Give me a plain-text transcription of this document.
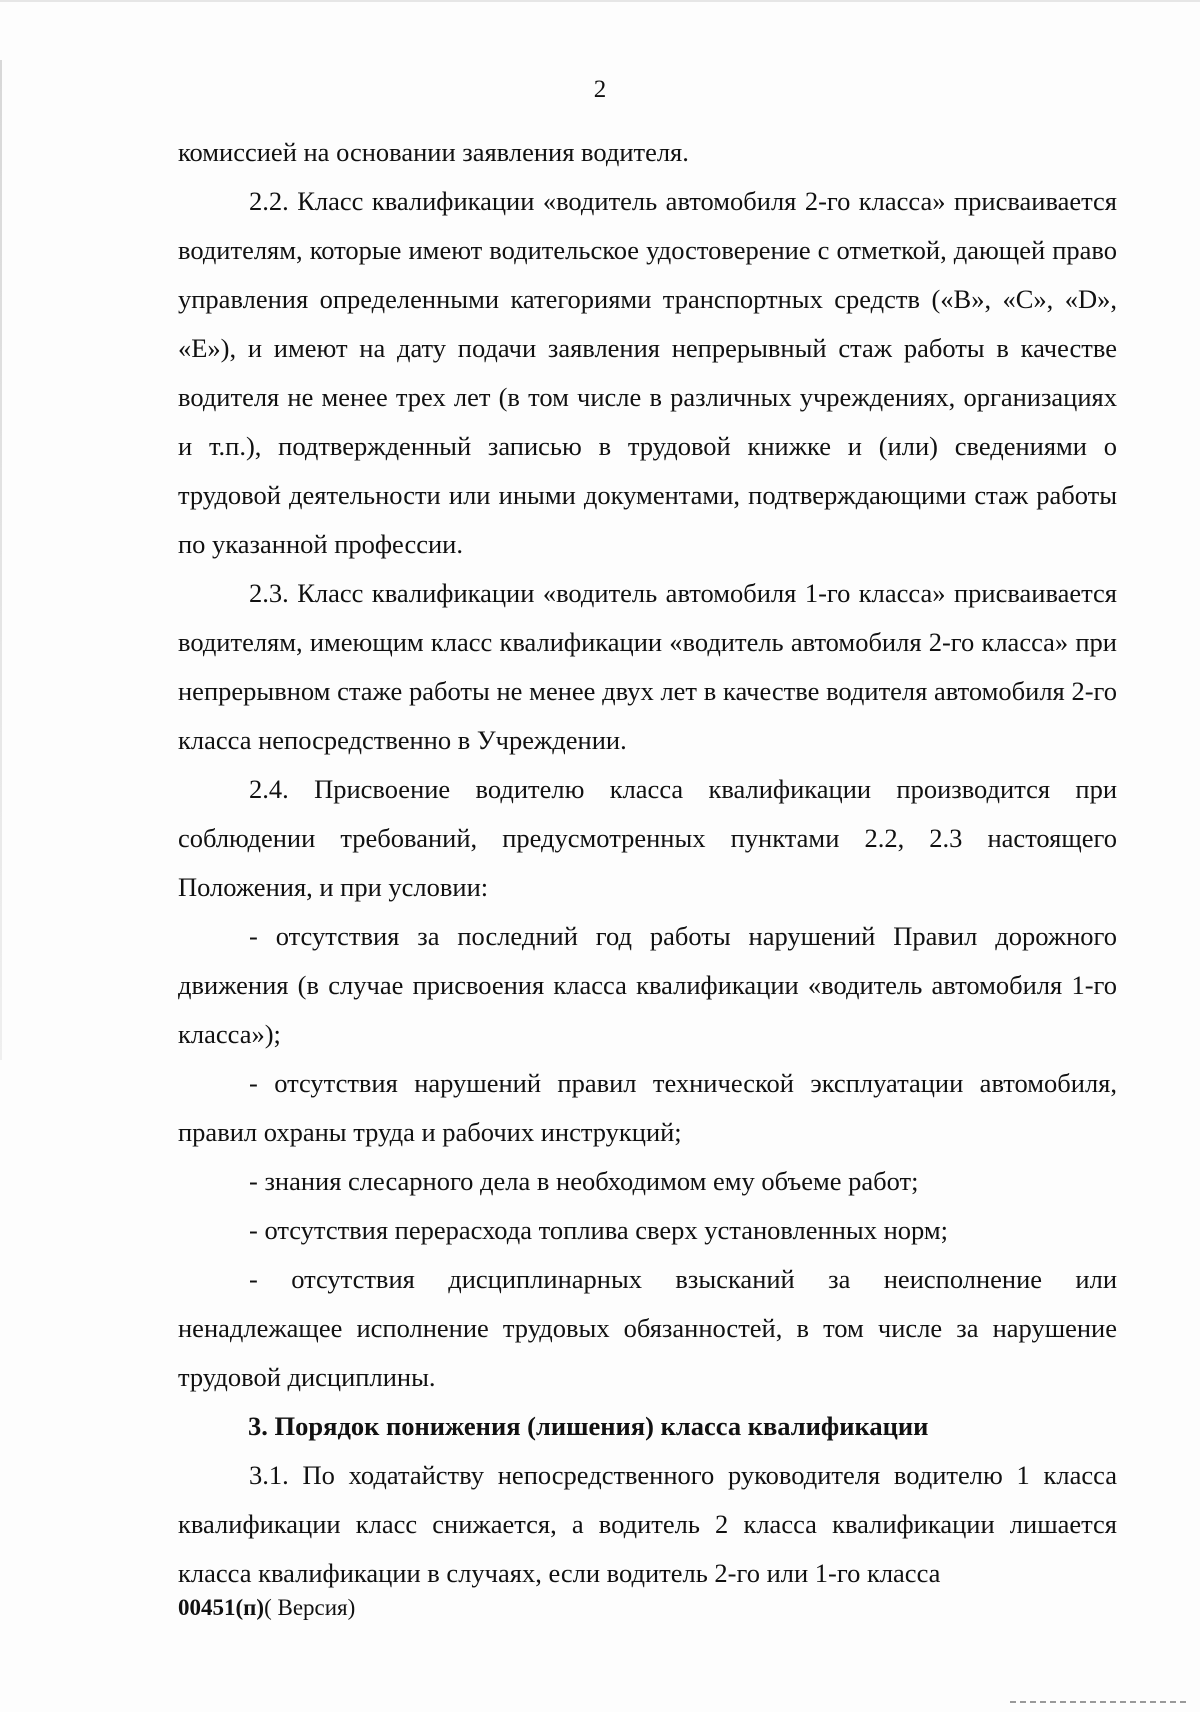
2

комиссией на основании заявления водителя.

2.2. Класс квалификации «водитель автомобиля 2-го класса» присваивается водителям, которые имеют водительское удостоверение с отметкой, дающей право управления определенными категориями транспортных средств («В», «С», «D», «Е»), и имеют на дату подачи заявления непрерывный стаж работы в качестве водителя не менее трех лет (в том числе в различных учреждениях, организациях и т.п.), подтвержденный записью в трудовой книжке и (или) сведениями о трудовой деятельности или иными документами, подтверждающими стаж работы по указанной профессии.

2.3. Класс квалификации «водитель автомобиля 1-го класса» присваивается водителям, имеющим класс квалификации «водитель автомобиля 2-го класса» при непрерывном стаже работы не менее двух лет в качестве водителя автомобиля 2-го класса непосредственно в Учреждении.

2.4. Присвоение водителю класса квалификации производится при соблюдении требований, предусмотренных пунктами 2.2, 2.3 настоящего Положения, и при условии:

- отсутствия за последний год работы нарушений Правил дорожного движения (в случае присвоения класса квалификации «водитель автомобиля 1-го класса»);

- отсутствия нарушений правил технической эксплуатации автомобиля, правил охраны труда и рабочих инструкций;

- знания слесарного дела в необходимом ему объеме работ;

- отсутствия перерасхода топлива сверх установленных норм;

- отсутствия дисциплинарных взысканий за неисполнение или ненадлежащее исполнение трудовых обязанностей, в том числе за нарушение трудовой дисциплины.

3. Порядок понижения (лишения) класса квалификации

3.1. По ходатайству непосредственного руководителя водителю 1 класса квалификации класс снижается, а водитель 2 класса квалификации лишается класса квалификации в случаях, если водитель 2-го или 1-го класса

00451(п)( Версия)
